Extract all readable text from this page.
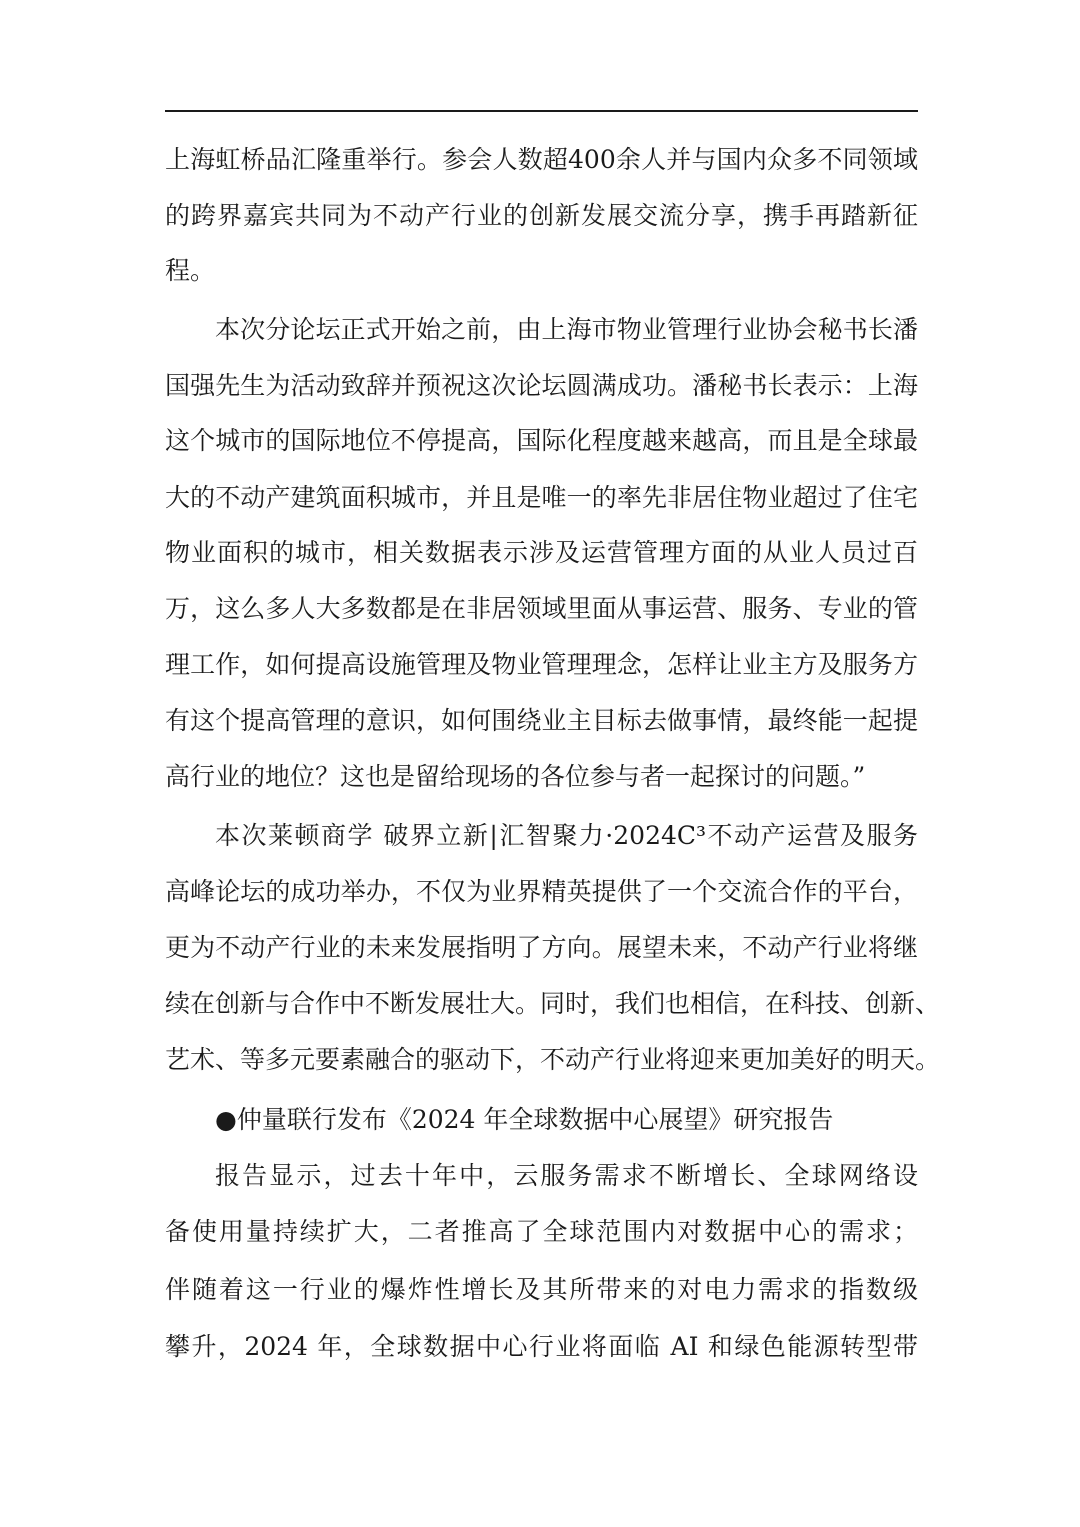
上海虹桥品汇隆重举行。参会人数超400余人并与国内众多不同领域
的跨界嘉宾共同为不动产行业的创新发展交流分享，携手再踏新征
程。
本次分论坛正式开始之前，由上海市物业管理行业协会秘书长潘
国强先生为活动致辞并预祝这次论坛圆满成功。潘秘书长表示：上海
这个城市的国际地位不停提高，国际化程度越来越高，而且是全球最
大的不动产建筑面积城市，并且是唯一的率先非居住物业超过了住宅
物业面积的城市，相关数据表示涉及运营管理方面的从业人员过百
万，这么多人大多数都是在非居领域里面从事运营、服务、专业的管
理工作，如何提高设施管理及物业管理理念，怎样让业主方及服务方
有这个提高管理的意识，如何围绕业主目标去做事情，最终能一起提
高行业的地位？这也是留给现场的各位参与者一起探讨的问题。”
本次莱顿商学 破界立新|汇智聚力·2024C³不动产运营及服务
高峰论坛的成功举办，不仅为业界精英提供了一个交流合作的平台，
更为不动产行业的未来发展指明了方向。展望未来，不动产行业将继
续在创新与合作中不断发展壮大。同时，我们也相信，在科技、创新、
艺术、等多元要素融合的驱动下，不动产行业将迎来更加美好的明天。
●仲量联行发布《2024 年全球数据中心展望》研究报告
报告显示，过去十年中，云服务需求不断增长、全球网络设
备使用量持续扩大，二者推高了全球范围内对数据中心的需求；
伴随着这一行业的爆炸性增长及其所带来的对电力需求的指数级
攀升，2024 年，全球数据中心行业将面临 AI 和绿色能源转型带
